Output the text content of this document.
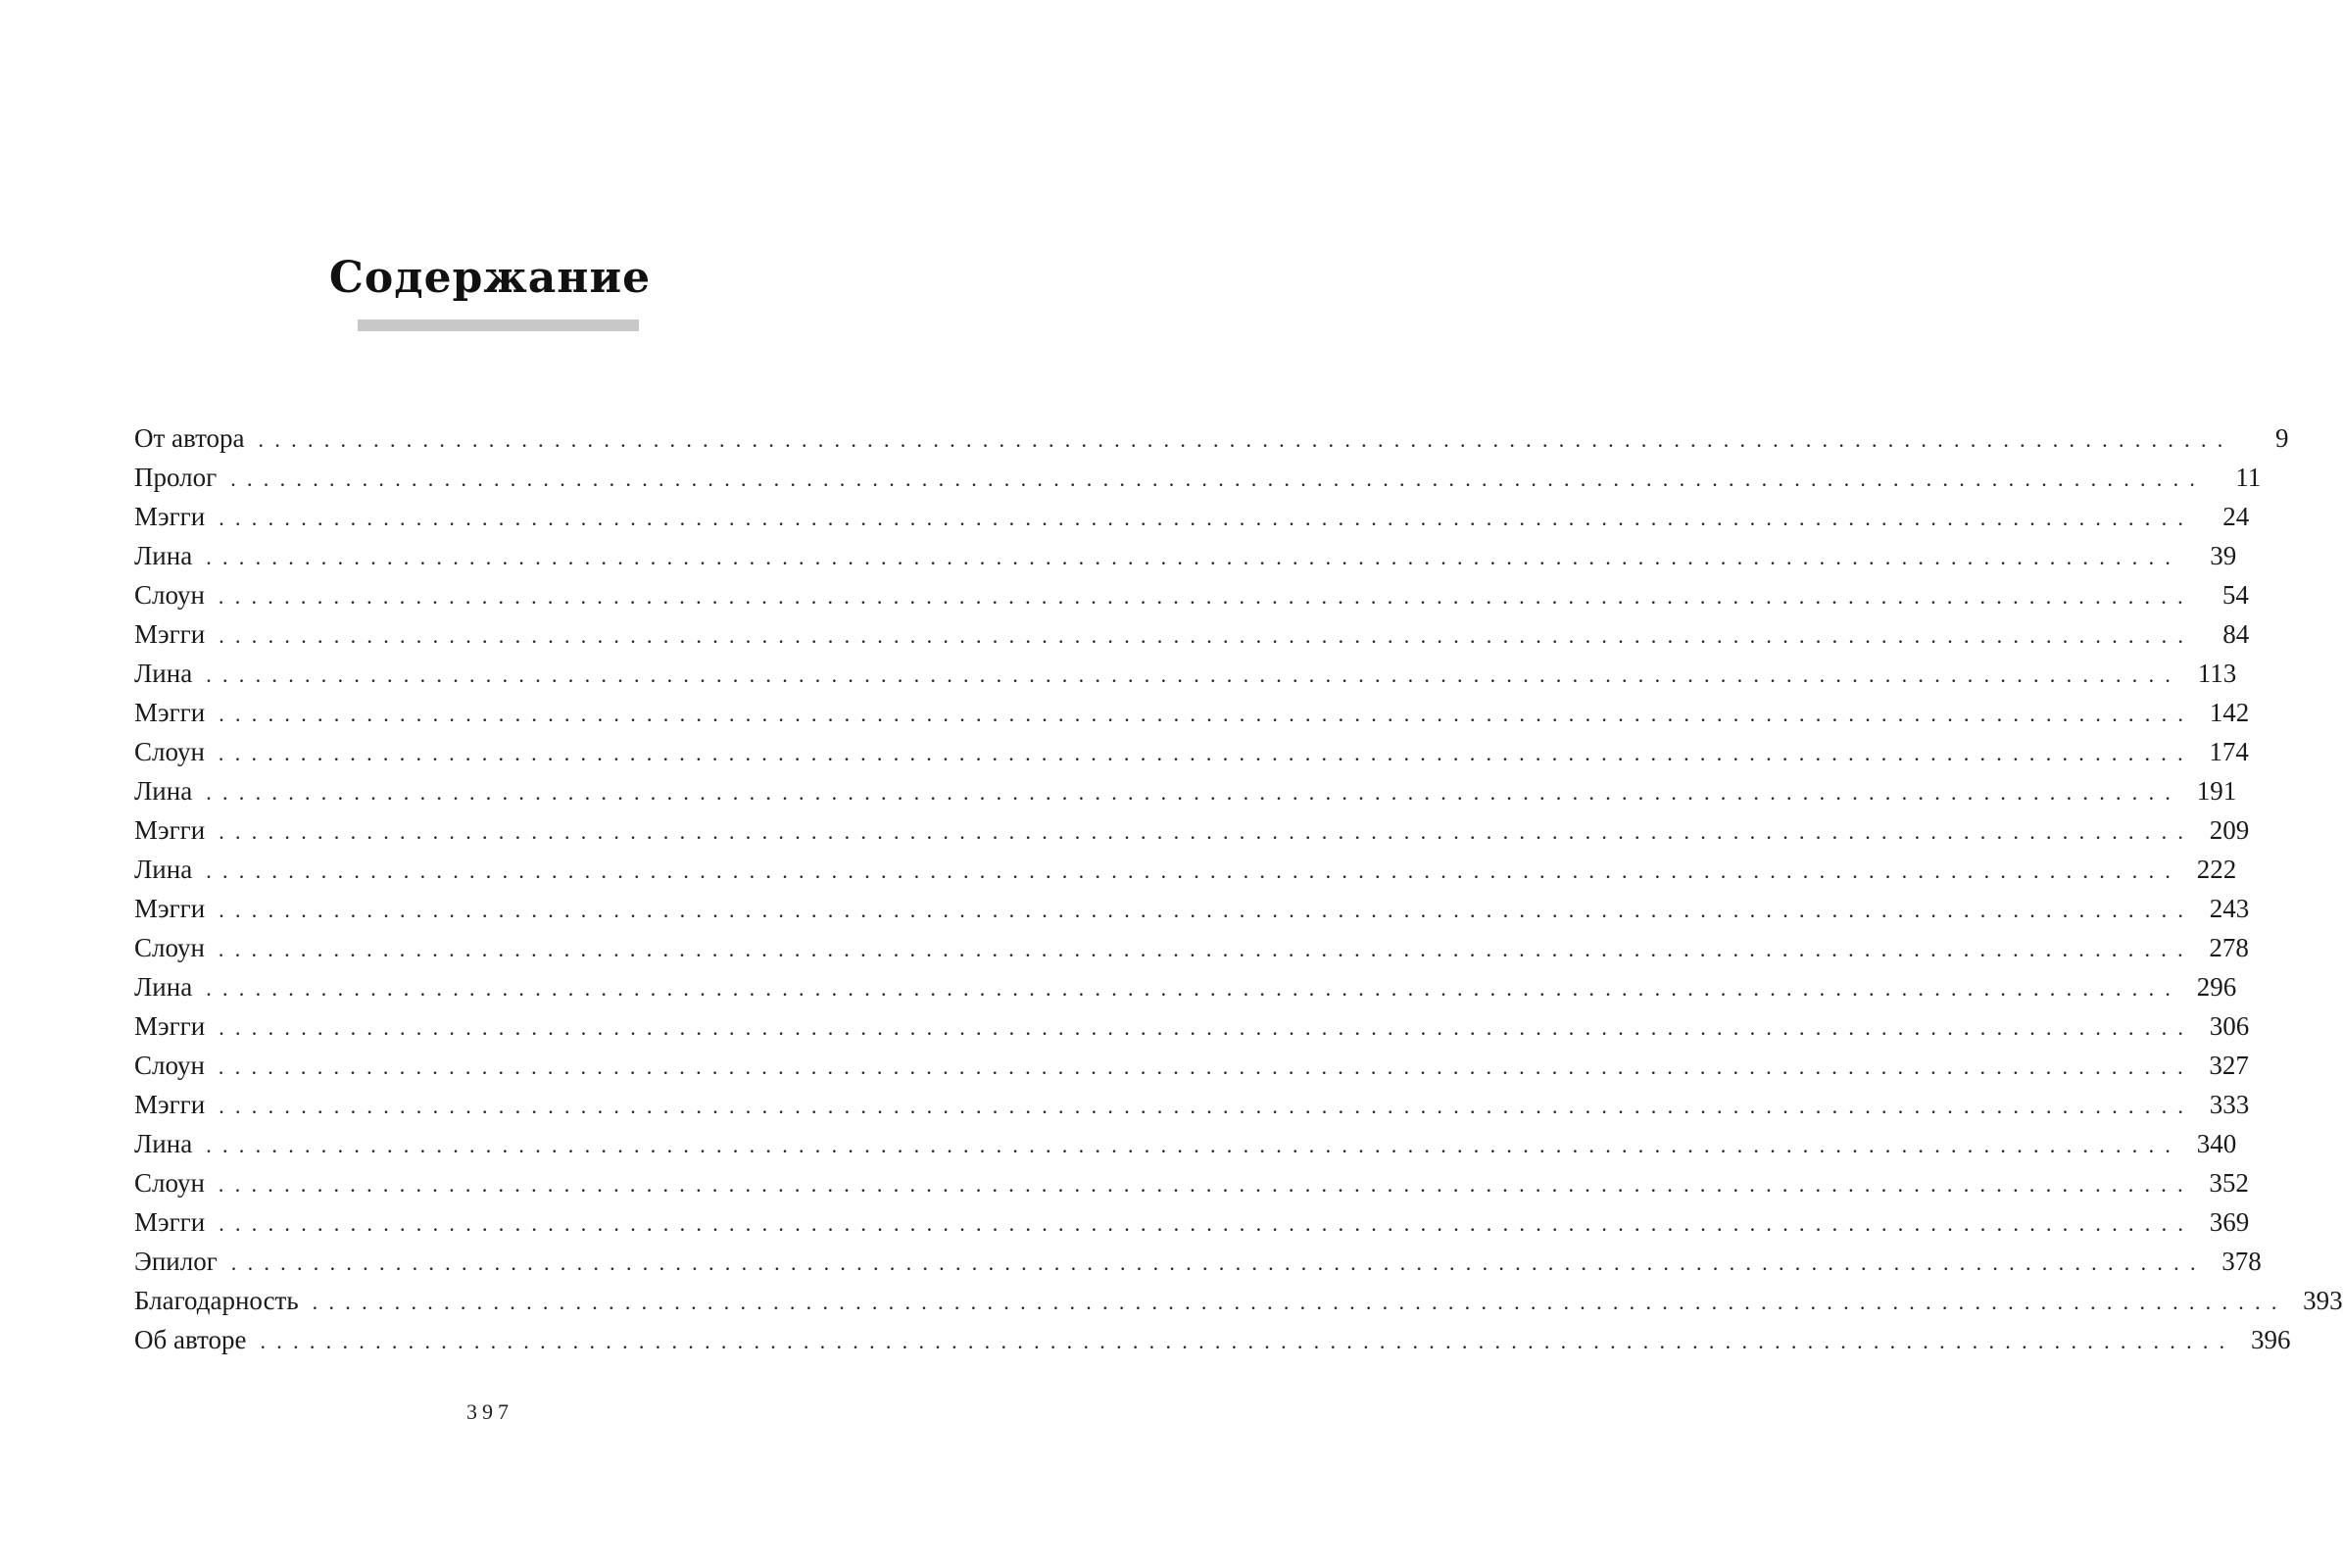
Содержание
От автора ........................................................................................................................	9
Пролог ........................................................................................................................	11
Мэгги ........................................................................................................................	24
Лина ........................................................................................................................	39
Слоун ........................................................................................................................	54
Мэгги ........................................................................................................................	84
Лина ........................................................................................................................ 113
Мэгги ........................................................................................................................ 142
Слоун ........................................................................................................................ 174
Лина ........................................................................................................................ 191
Мэгги ........................................................................................................................ 209
Лина ........................................................................................................................ 222
Мэгги ........................................................................................................................ 243
Слоун ........................................................................................................................ 278
Лина ........................................................................................................................ 296
Мэгги ........................................................................................................................ 306
Слоун ........................................................................................................................ 327
Мэгги ........................................................................................................................ 333
Лина ........................................................................................................................ 340
Слоун ........................................................................................................................ 352
Мэгги ........................................................................................................................ 369
Эпилог ........................................................................................................................ 378
Благодарность ........................................................................................................................ 393
Об авторе ........................................................................................................................ 396
397
